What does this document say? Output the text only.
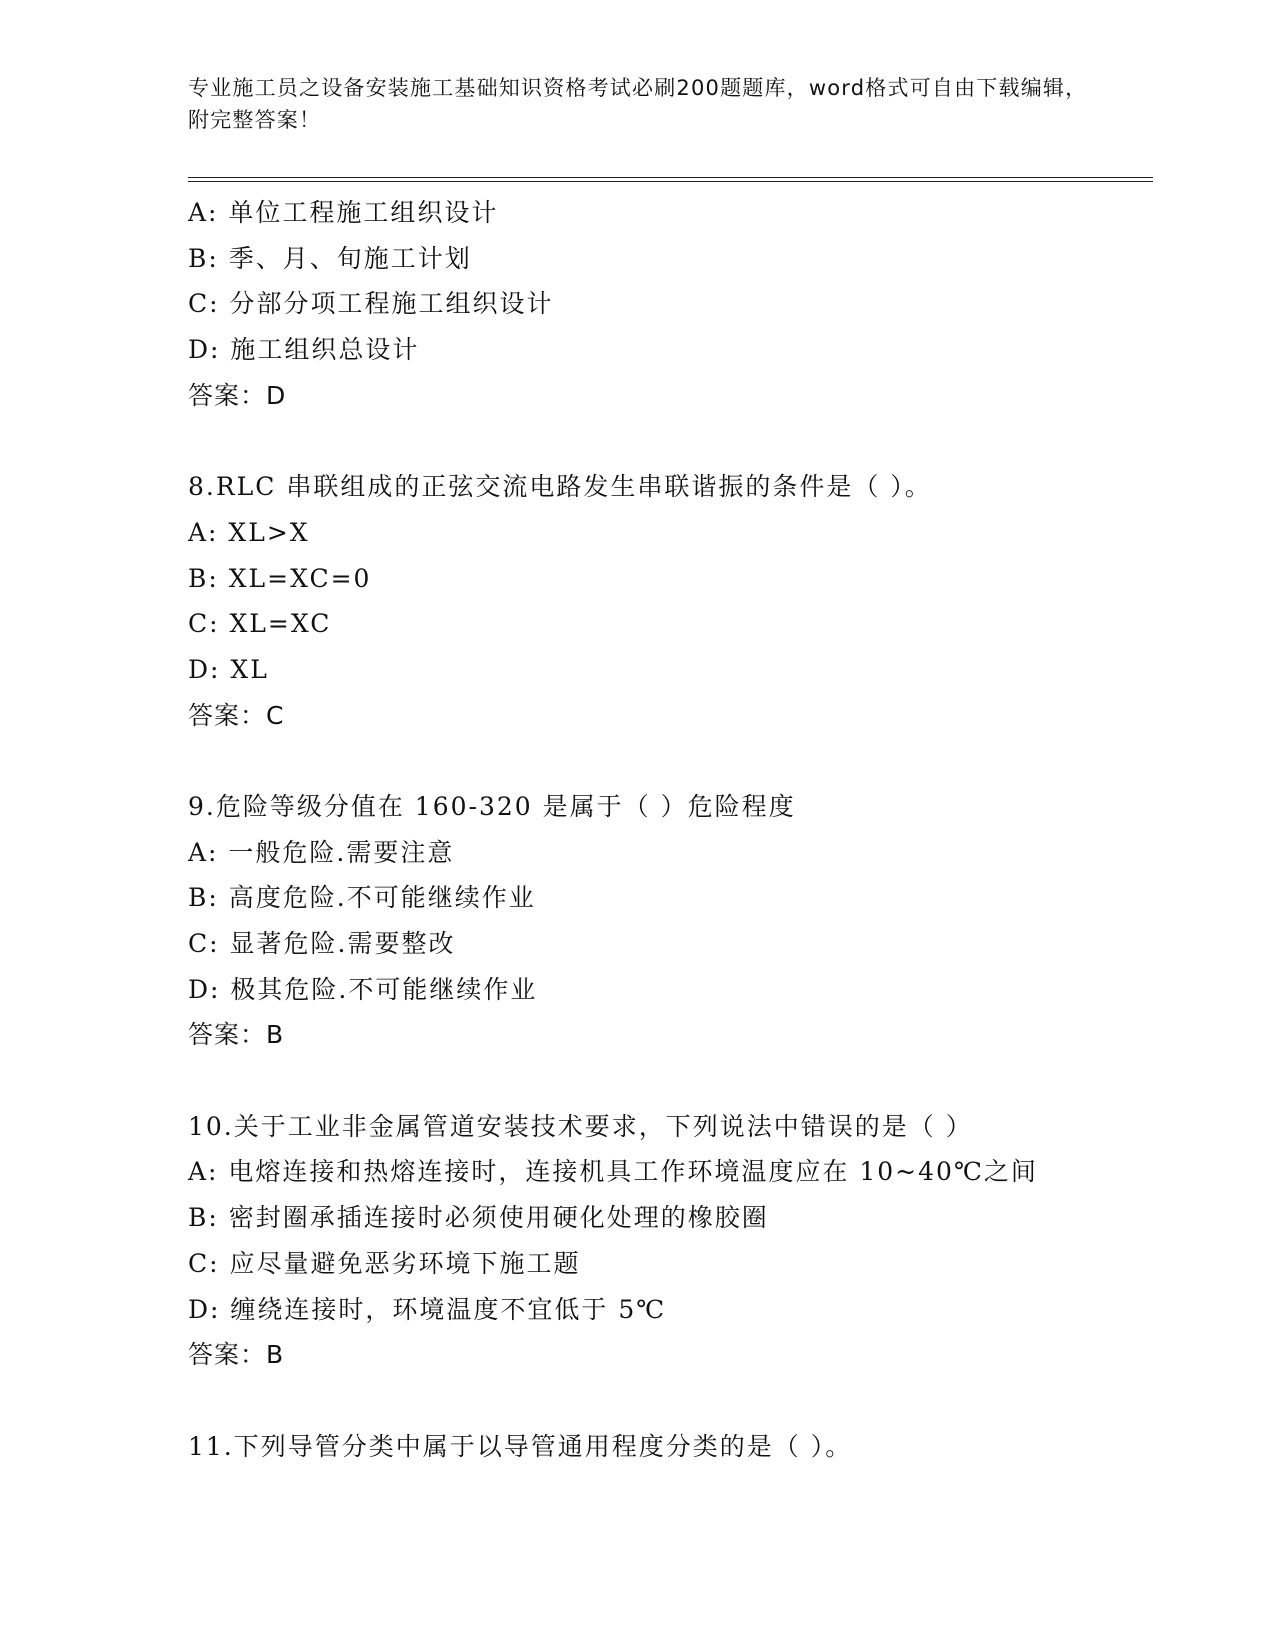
专业施工员之设备安装施工基础知识资格考试必刷200题题库，word格式可自由下载编辑，附完整答案！
A: 单位工程施工组织设计
B: 季、月、旬施工计划
C: 分部分项工程施工组织设计
D: 施工组织总设计
答案：D
8.RLC 串联组成的正弦交流电路发生串联谐振的条件是（ ）。
A: XL>X
B: XL=XC=0
C: XL=XC
D: XL
答案：C
9.危险等级分值在 160-320 是属于（ ）危险程度
A: 一般危险.需要注意
B: 高度危险.不可能继续作业
C: 显著危险.需要整改
D: 极其危险.不可能继续作业
答案：B
10.关于工业非金属管道安装技术要求，下列说法中错误的是（ ）
A: 电熔连接和热熔连接时，连接机具工作环境温度应在 10~40℃之间
B: 密封圈承插连接时必须使用硬化处理的橡胶圈
C: 应尽量避免恶劣环境下施工题
D: 缠绕连接时，环境温度不宜低于 5℃
答案：B
11.下列导管分类中属于以导管通用程度分类的是（ ）。
